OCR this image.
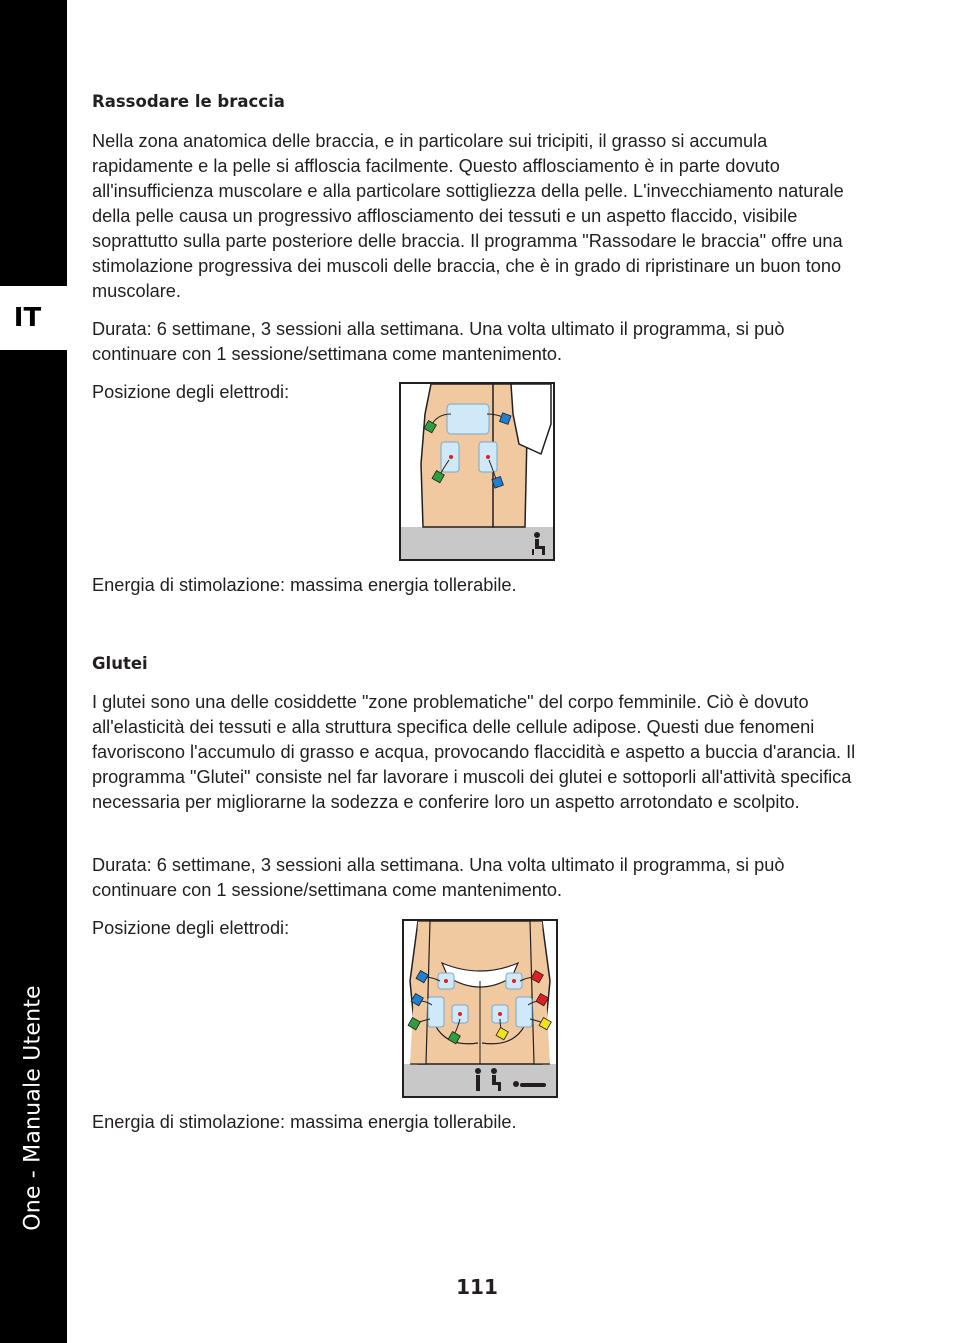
IT
One - Manuale Utente
Rassodare le braccia

Nella zona anatomica delle braccia, e in particolare sui tricipiti, il grasso si accumula rapidamente e la pelle si affloscia facilmente. Questo afflosciamento è in parte dovuto all'insufficienza muscolare e alla particolare sottigliezza della pelle. L'invecchiamento naturale della pelle causa un progressivo afflosciamento dei tessuti e un aspetto flaccido, visibile soprattutto sulla parte posteriore delle braccia. Il programma "Rassodare le braccia" offre una stimolazione progressiva dei muscoli delle braccia, che è in grado di ripristinare un buon tono muscolare.

Durata: 6 settimane, 3 sessioni alla settimana. Una volta ultimato il programma, si può continuare con 1 sessione/settimana come mantenimento.

Posizione degli elettrodi:

Energia di stimolazione: massima energia tollerabile.

Glutei

I glutei sono una delle cosiddette "zone problematiche" del corpo femminile. Ciò è dovuto all'elasticità dei tessuti e alla struttura specifica delle cellule adipose. Questi due fenomeni favoriscono l'accumulo di grasso e acqua, provocando flaccidità e aspetto a buccia d'arancia. Il programma "Glutei" consiste nel far lavorare i muscoli dei glutei e sottoporli all'attività specifica necessaria per migliorarne la sodezza e conferire loro un aspetto arrotondato e scolpito.

Durata: 6 settimane, 3 sessioni alla settimana. Una volta ultimato il programma, si può continuare con 1 sessione/settimana come mantenimento.

Posizione degli elettrodi:

Energia di stimolazione: massima energia tollerabile.

111
